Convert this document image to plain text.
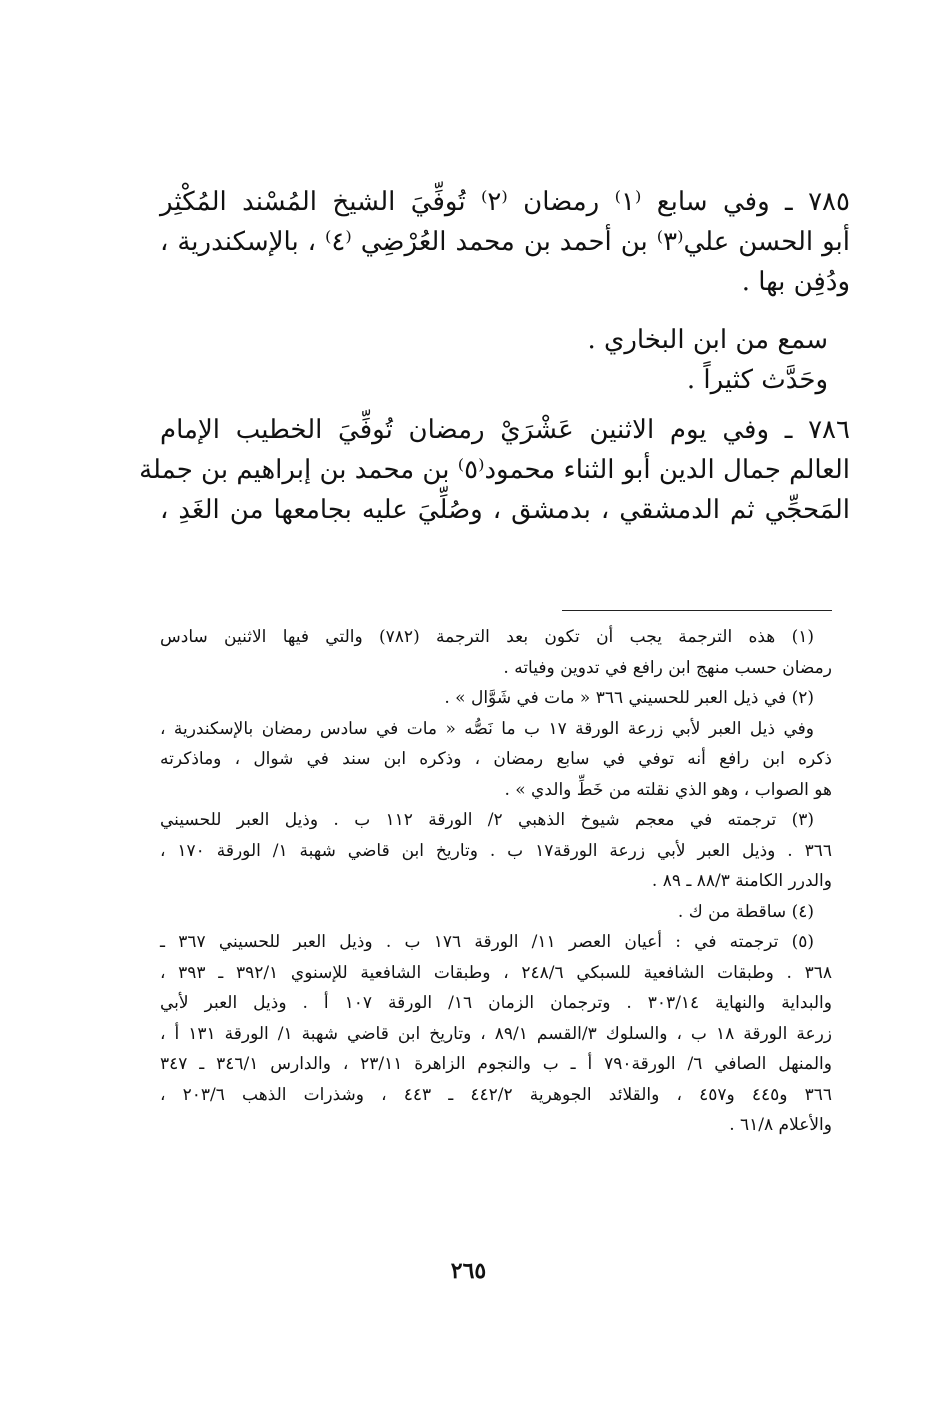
٧٨٥ ـ وفي سابع ⁽١⁾ رمضان ⁽٢⁾ تُوفِّيَ الشيخ المُسْند المُكْثِر
أبو الحسن علي⁽٣⁾ بن أحمد بن محمد العُرْضِي ⁽٤⁾ ، بالإسكندرية ،
ودُفِن بها .
سمع من ابن البخاري .
وحَدَّث كثيراً .
٧٨٦ ـ وفي يوم الاثنين عَشْرَيْ رمضان تُوفِّيَ الخطيب الإمام
العالم جمال الدين أبو الثناء محمود⁽٥⁾ بن محمد بن إبراهيم بن جملة
المَحجِّي ثم الدمشقي ، بدمشق ، وصُلِّيَ عليه بجامعها من الغَدِ ،
(١) هذه الترجمة يجب أن تكون بعد الترجمة (٧٨٢) والتي فيها الاثنين سادس
رمضان حسب منهج ابن رافع في تدوين وفياته .
(٢) في ذيل العبر للحسيني ٣٦٦ « مات في شَوَّال » .
وفي ذيل العبر لأبي زرعة الورقة ١٧ ب ما نَصُّه « مات في سادس رمضان بالإسكندرية ،
ذكره ابن رافع أنه توفي في سابع رمضان ، وذكره ابن سند في شوال ، وماذكرته
هو الصواب ، وهو الذي نقلته من خَطِّ والدي » .
(٣) ترجمته في معجم شيوخ الذهبي ٢/ الورقة ١١٢ ب . وذيل العبر للحسيني
٣٦٦ . وذيل العبر لأبي زرعة الورقة١٧ ب . وتاريخ ابن قاضي شهبة ١/ الورقة ١٧٠ ،
والدرر الكامنة ٨٨/٣ ـ ٨٩ .
(٤) ساقطة من ك .
(٥) ترجمته في : أعيان العصر ١١/ الورقة ١٧٦ ب . وذيل العبر للحسيني ٣٦٧ ـ
٣٦٨ . وطبقات الشافعية للسبكي ٢٤٨/٦ ، وطبقات الشافعية للإسنوي ٣٩٢/١ ـ ٣٩٣ ،
والبداية والنهاية ٣٠٣/١٤ . وترجمان الزمان ١٦/ الورقة ١٠٧ أ . وذيل العبر لأبي
زرعة الورقة ١٨ ب ، والسلوك ٣/القسم ٨٩/١ ، وتاريخ ابن قاضي شهبة ١/ الورقة ١٣١ أ ،
والمنهل الصافي ٦/ الورقة٧٩٠ أ ـ ب والنجوم الزاهرة ٢٣/١١ ، والدارس ٣٤٦/١ ـ ٣٤٧
٣٦٦ و٤٤٥ و٤٥٧ ، والقلائد الجوهرية ٤٤٢/٢ ـ ٤٤٣ ، وشذرات الذهب ٢٠٣/٦ ،
والأعلام ٦١/٨ .
٢٦٥
